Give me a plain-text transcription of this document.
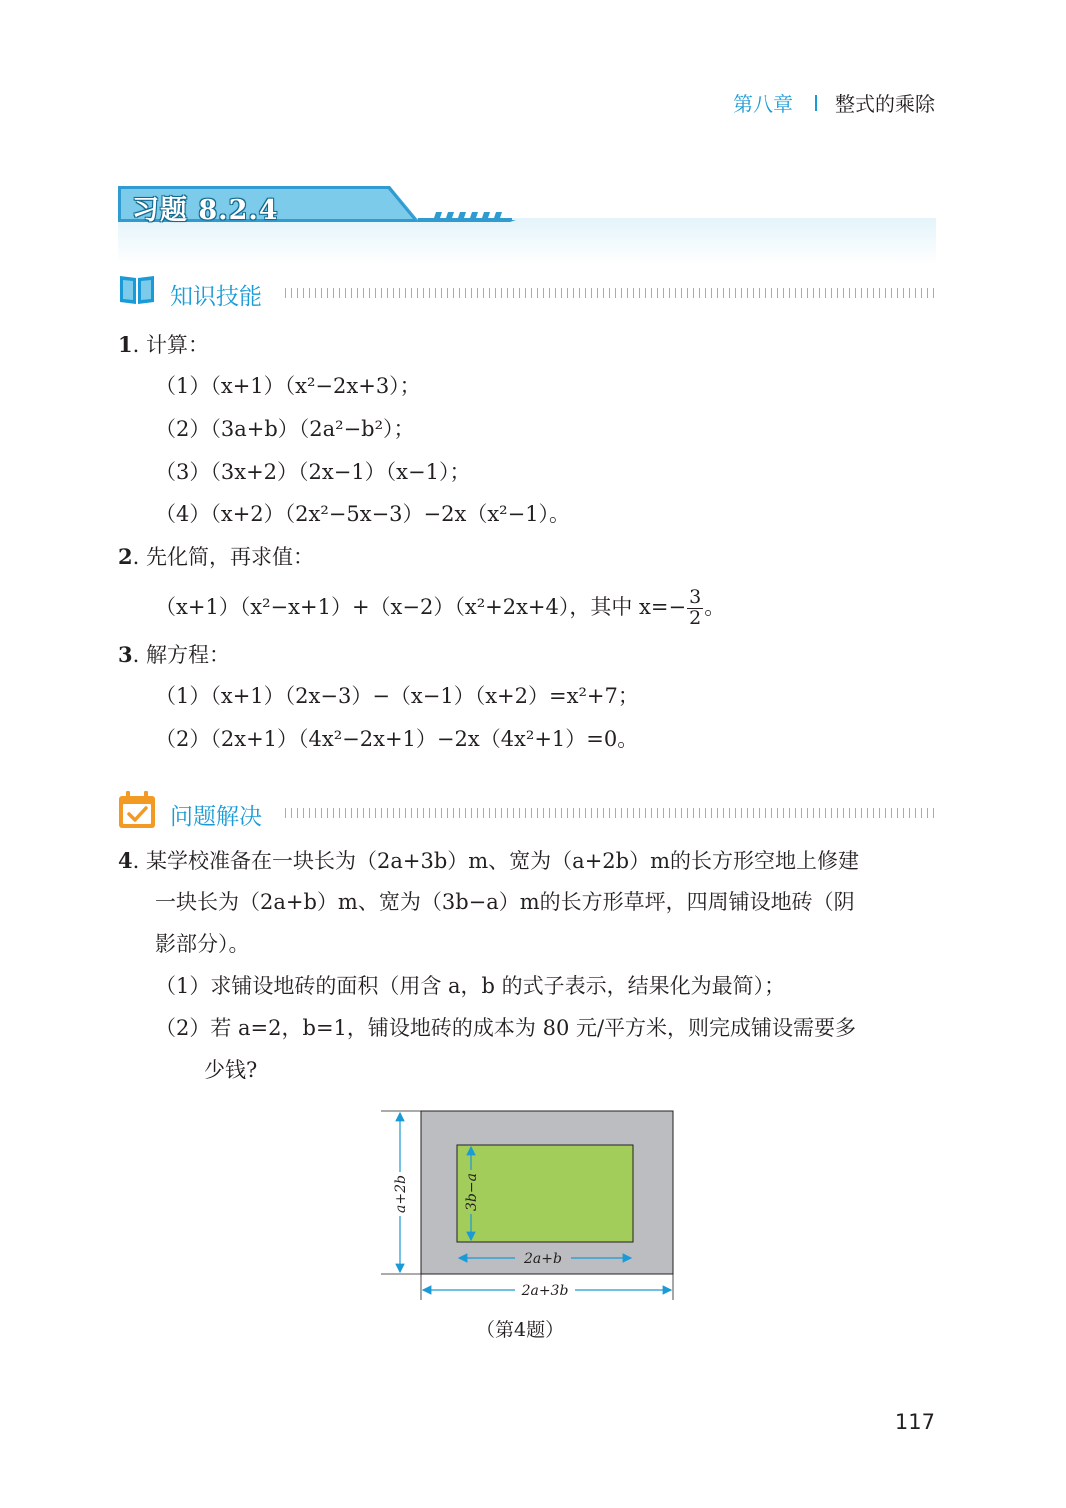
第八章 整式的乘除
习题 8.2.4
知识技能
1. 计算：
（1）（x+1）（x²−2x+3）；
（2）（3a+b）（2a²−b²）；
（3）（3x+2）（2x−1）（x−1）；
（4）（x+2）（2x²−5x−3）−2x（x²−1）。
2. 先化简，再求值：
（x+1）（x²−x+1）+（x−2）（x²+2x+4），其中 $x=- \frac{3}{2}$ 。
3. 解方程：
（1）（x+1）（2x−3）−（x−1）（x+2）=x²+7；
（2）（2x+1）（4x²−2x+1）−2x（4x²+1）=0。
问题解决
4. 某学校准备在一块长为（2a+3b）m、宽为（a+2b）m的长方形空地上修建
一块长为（2a+b）m、宽为（3b−a）m的长方形草坪，四周铺设地砖（阴
影部分）。
（1）求铺设地砖的面积（用含 a，b 的式子表示，结果化为最简）；
（2）若 a=2，b=1，铺设地砖的成本为 80 元/平方米，则完成铺设需要多
少钱?
a+2b	3b−a
2a+b
2a+3b
（第4题）
117
